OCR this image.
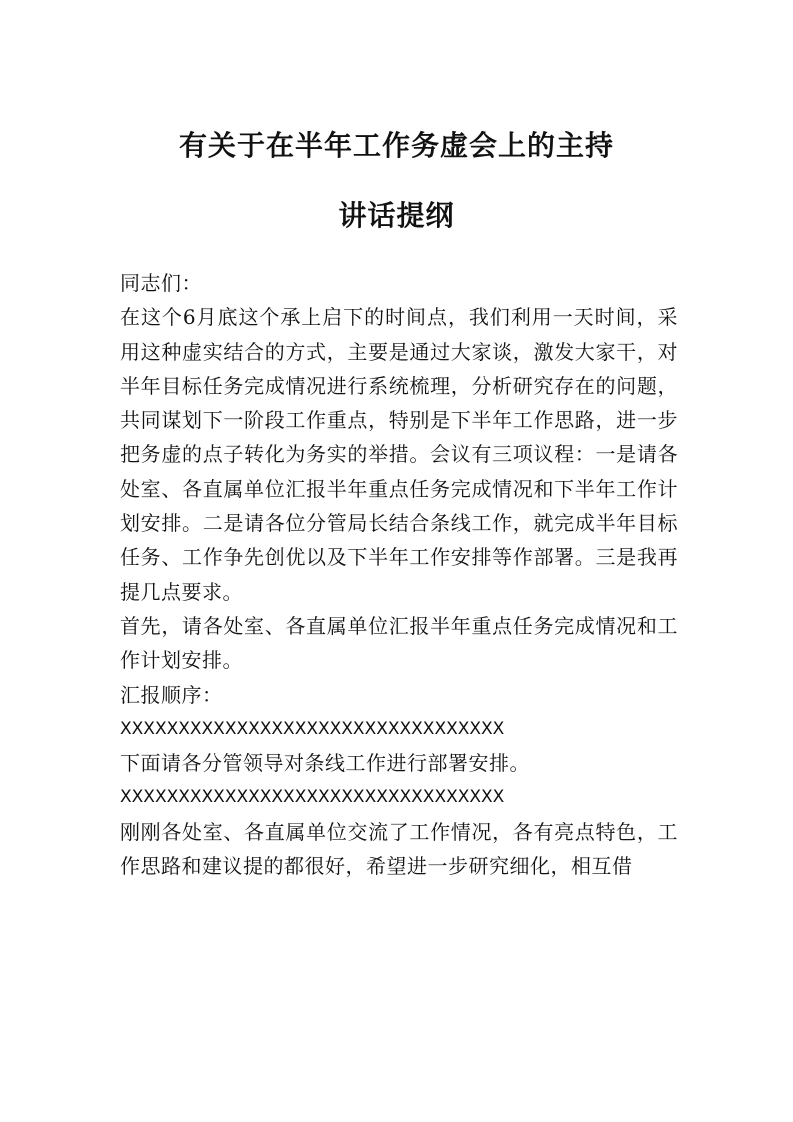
有关于在半年工作务虚会上的主持
讲话提纲

同志们：

在这个6月底这个承上启下的时间点，我们利用一天时间，采用这种虚实结合的方式，主要是通过大家谈，激发大家干，对半年目标任务完成情况进行系统梳理，分析研究存在的问题，共同谋划下一阶段工作重点，特别是下半年工作思路，进一步把务虚的点子转化为务实的举措。会议有三项议程：一是请各处室、各直属单位汇报半年重点任务完成情况和下半年工作计划安排。二是请各位分管局长结合条线工作，就完成半年目标任务、工作争先创优以及下半年工作安排等作部署。三是我再提几点要求。

首先，请各处室、各直属单位汇报半年重点任务完成情况和工作计划安排。

汇报顺序：

XXXXXXXXXXXXXXXXXXXXXXXXXXXXXXXXX

下面请各分管领导对条线工作进行部署安排。

XXXXXXXXXXXXXXXXXXXXXXXXXXXXXXXXX

刚刚各处室、各直属单位交流了工作情况，各有亮点特色，工作思路和建议提的都很好，希望进一步研究细化，相互借
